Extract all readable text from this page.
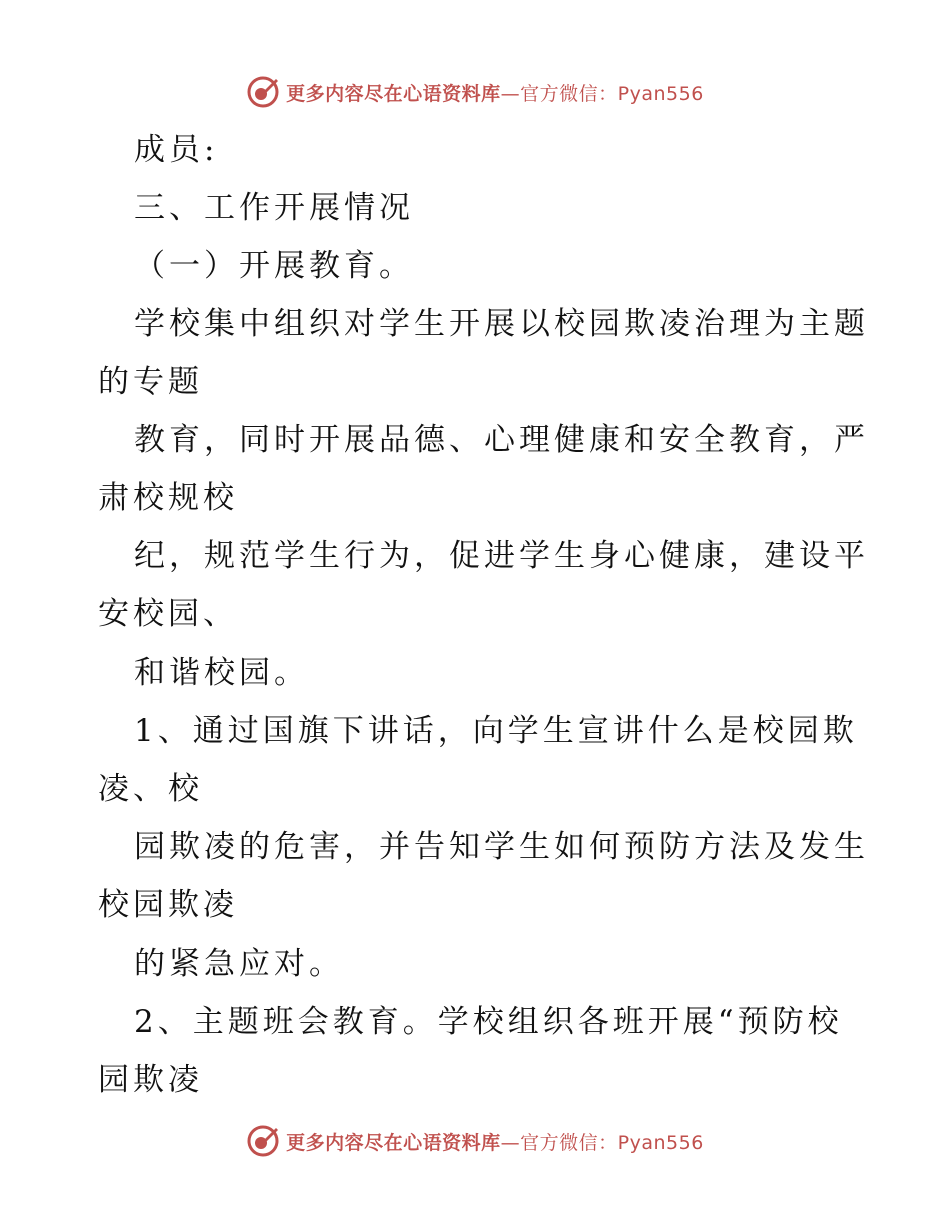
更多内容尽在心语资料库—官方微信：Pyan556
成员:
三、工作开展情况
（一）开展教育。
学校集中组织对学生开展以校园欺凌治理为主题
的专题
教育，同时开展品德、心理健康和安全教育，严
肃校规校
纪，规范学生行为，促进学生身心健康，建设平
安校园、
和谐校园。
1、通过国旗下讲话，向学生宣讲什么是校园欺
凌、校
园欺凌的危害，并告知学生如何预防方法及发生
校园欺凌
的紧急应对。
2、主题班会教育。学校组织各班开展“预防校
园欺凌
更多内容尽在心语资料库—官方微信：Pyan556
